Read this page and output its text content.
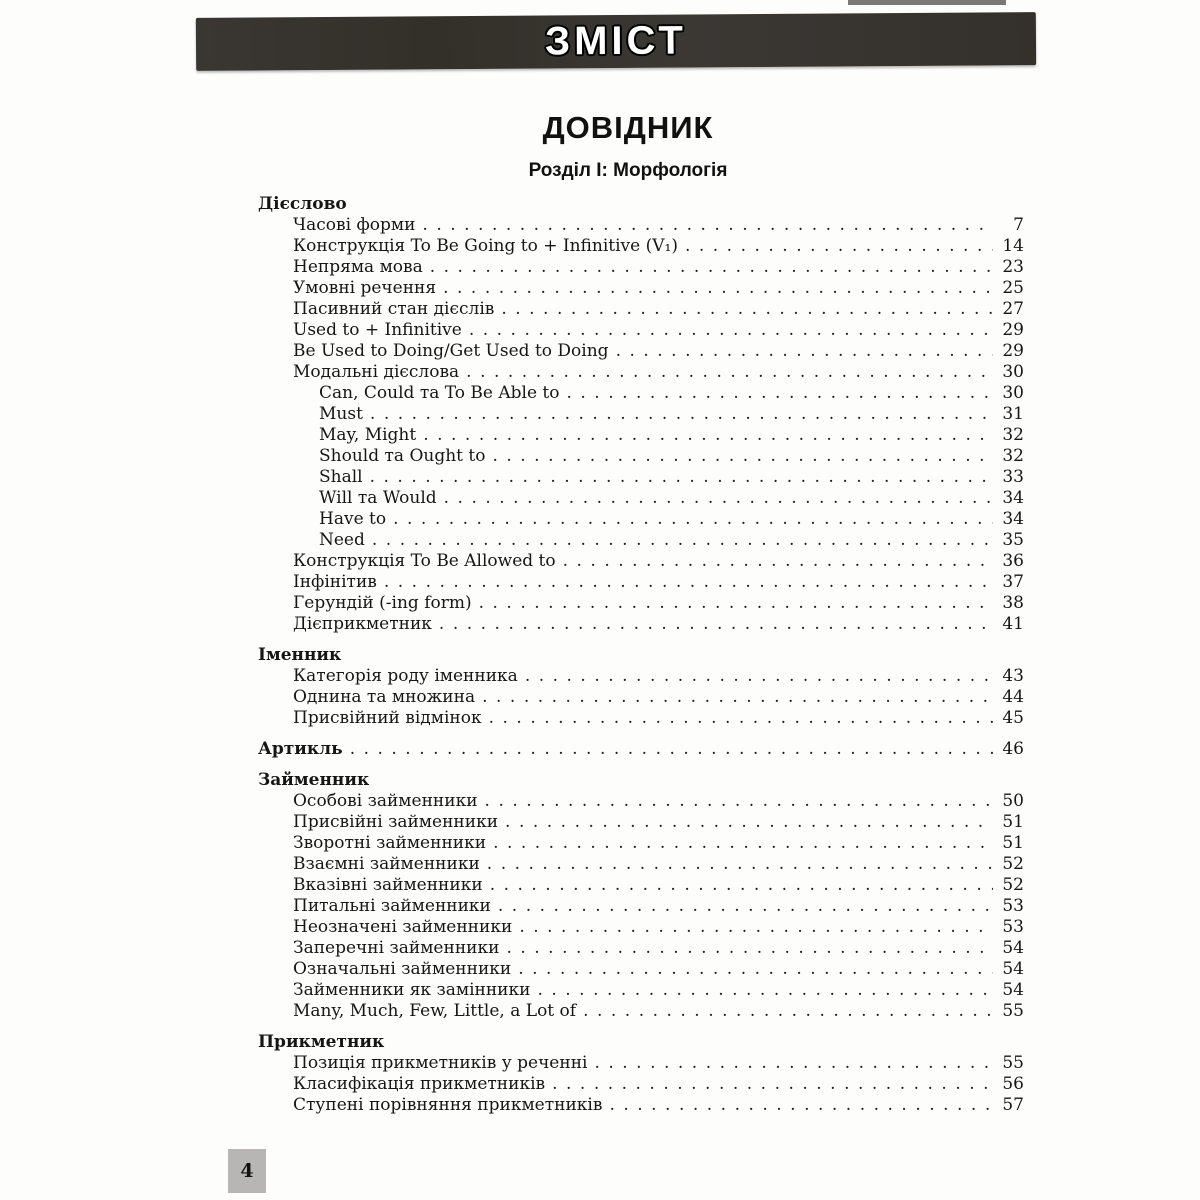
ЗМІСТ
ДОВІДНИК
Розділ І: Морфологія
Дієслово
Часові форми .....	7
Конструкція To Be Going to + Infinitive (V₁) .....	14
Непряма мова .....	23
Умовні речення .....	25
Пасивний стан дієслів .....	27
Used to + Infinitive .....	29
Be Used to Doing/Get Used to Doing .....	29
Модальні дієслова .....	30
Can, Could та To Be Able to .....	30
Must .....	31
May, Might .....	32
Should та Ought to .....	32
Shall .....	33
Will та Would .....	34
Have to .....	34
Need .....	35
Конструкція To Be Allowed to .....	36
Інфінітив .....	37
Герундій (-ing form) .....	38
Дієприкметник .....	41
Іменник
Категорія роду іменника .....	43
Однина та множина .....	44
Присвійний відмінок .....	45
Артикль .....	46
Займенник
Особові займенники .....	50
Присвійні займенники .....	51
Зворотні займенники .....	51
Взаємні займенники .....	52
Вказівні займенники .....	52
Питальні займенники .....	53
Неозначені займенники .....	53
Заперечні займенники .....	54
Означальні займенники .....	54
Займенники як замінники .....	54
Many, Much, Few, Little, a Lot of .....	55
Прикметник
Позиція прикметників у реченні .....	55
Класифікація прикметників .....	56
Ступені порівняння прикметників .....	57
4
